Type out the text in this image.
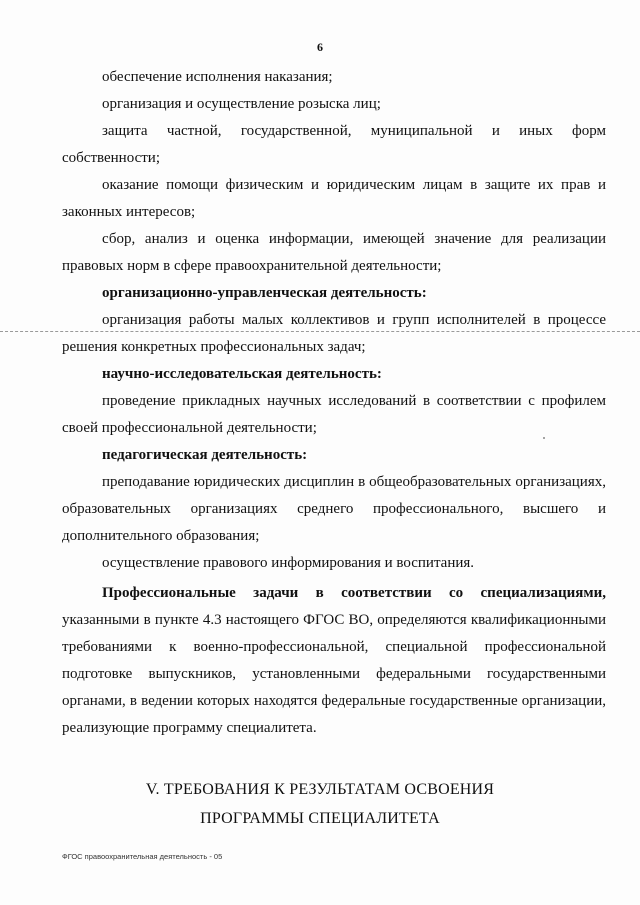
6

обеспечение исполнения наказания;

организация и осуществление розыска лиц;

защита частной, государственной, муниципальной и иных форм собственности;

оказание помощи физическим и юридическим лицам в защите их прав и законных интересов;

сбор, анализ и оценка информации, имеющей значение для реализации правовых норм в сфере правоохранительной деятельности;

организационно-управленческая деятельность:

организация работы малых коллективов и групп исполнителей в процессе решения конкретных профессиональных задач;

научно-исследовательская деятельность:

проведение прикладных научных исследований в соответствии с профилем своей профессиональной деятельности;

педагогическая деятельность:

преподавание юридических дисциплин в общеобразовательных организациях, образовательных организациях среднего профессионального, высшего и дополнительного образования;

осуществление правового информирования и воспитания.

Профессиональные задачи в соответствии со специализациями, указанными в пункте 4.3 настоящего ФГОС ВО, определяются квалификационными требованиями к военно-профессиональной, специальной профессиональной подготовке выпускников, установленными федеральными государственными органами, в ведении которых находятся федеральные государственные организации, реализующие программу специалитета.

V. ТРЕБОВАНИЯ К РЕЗУЛЬТАТАМ ОСВОЕНИЯ
ПРОГРАММЫ СПЕЦИАЛИТЕТА
ФГОС правоохранительная деятельность - 05
